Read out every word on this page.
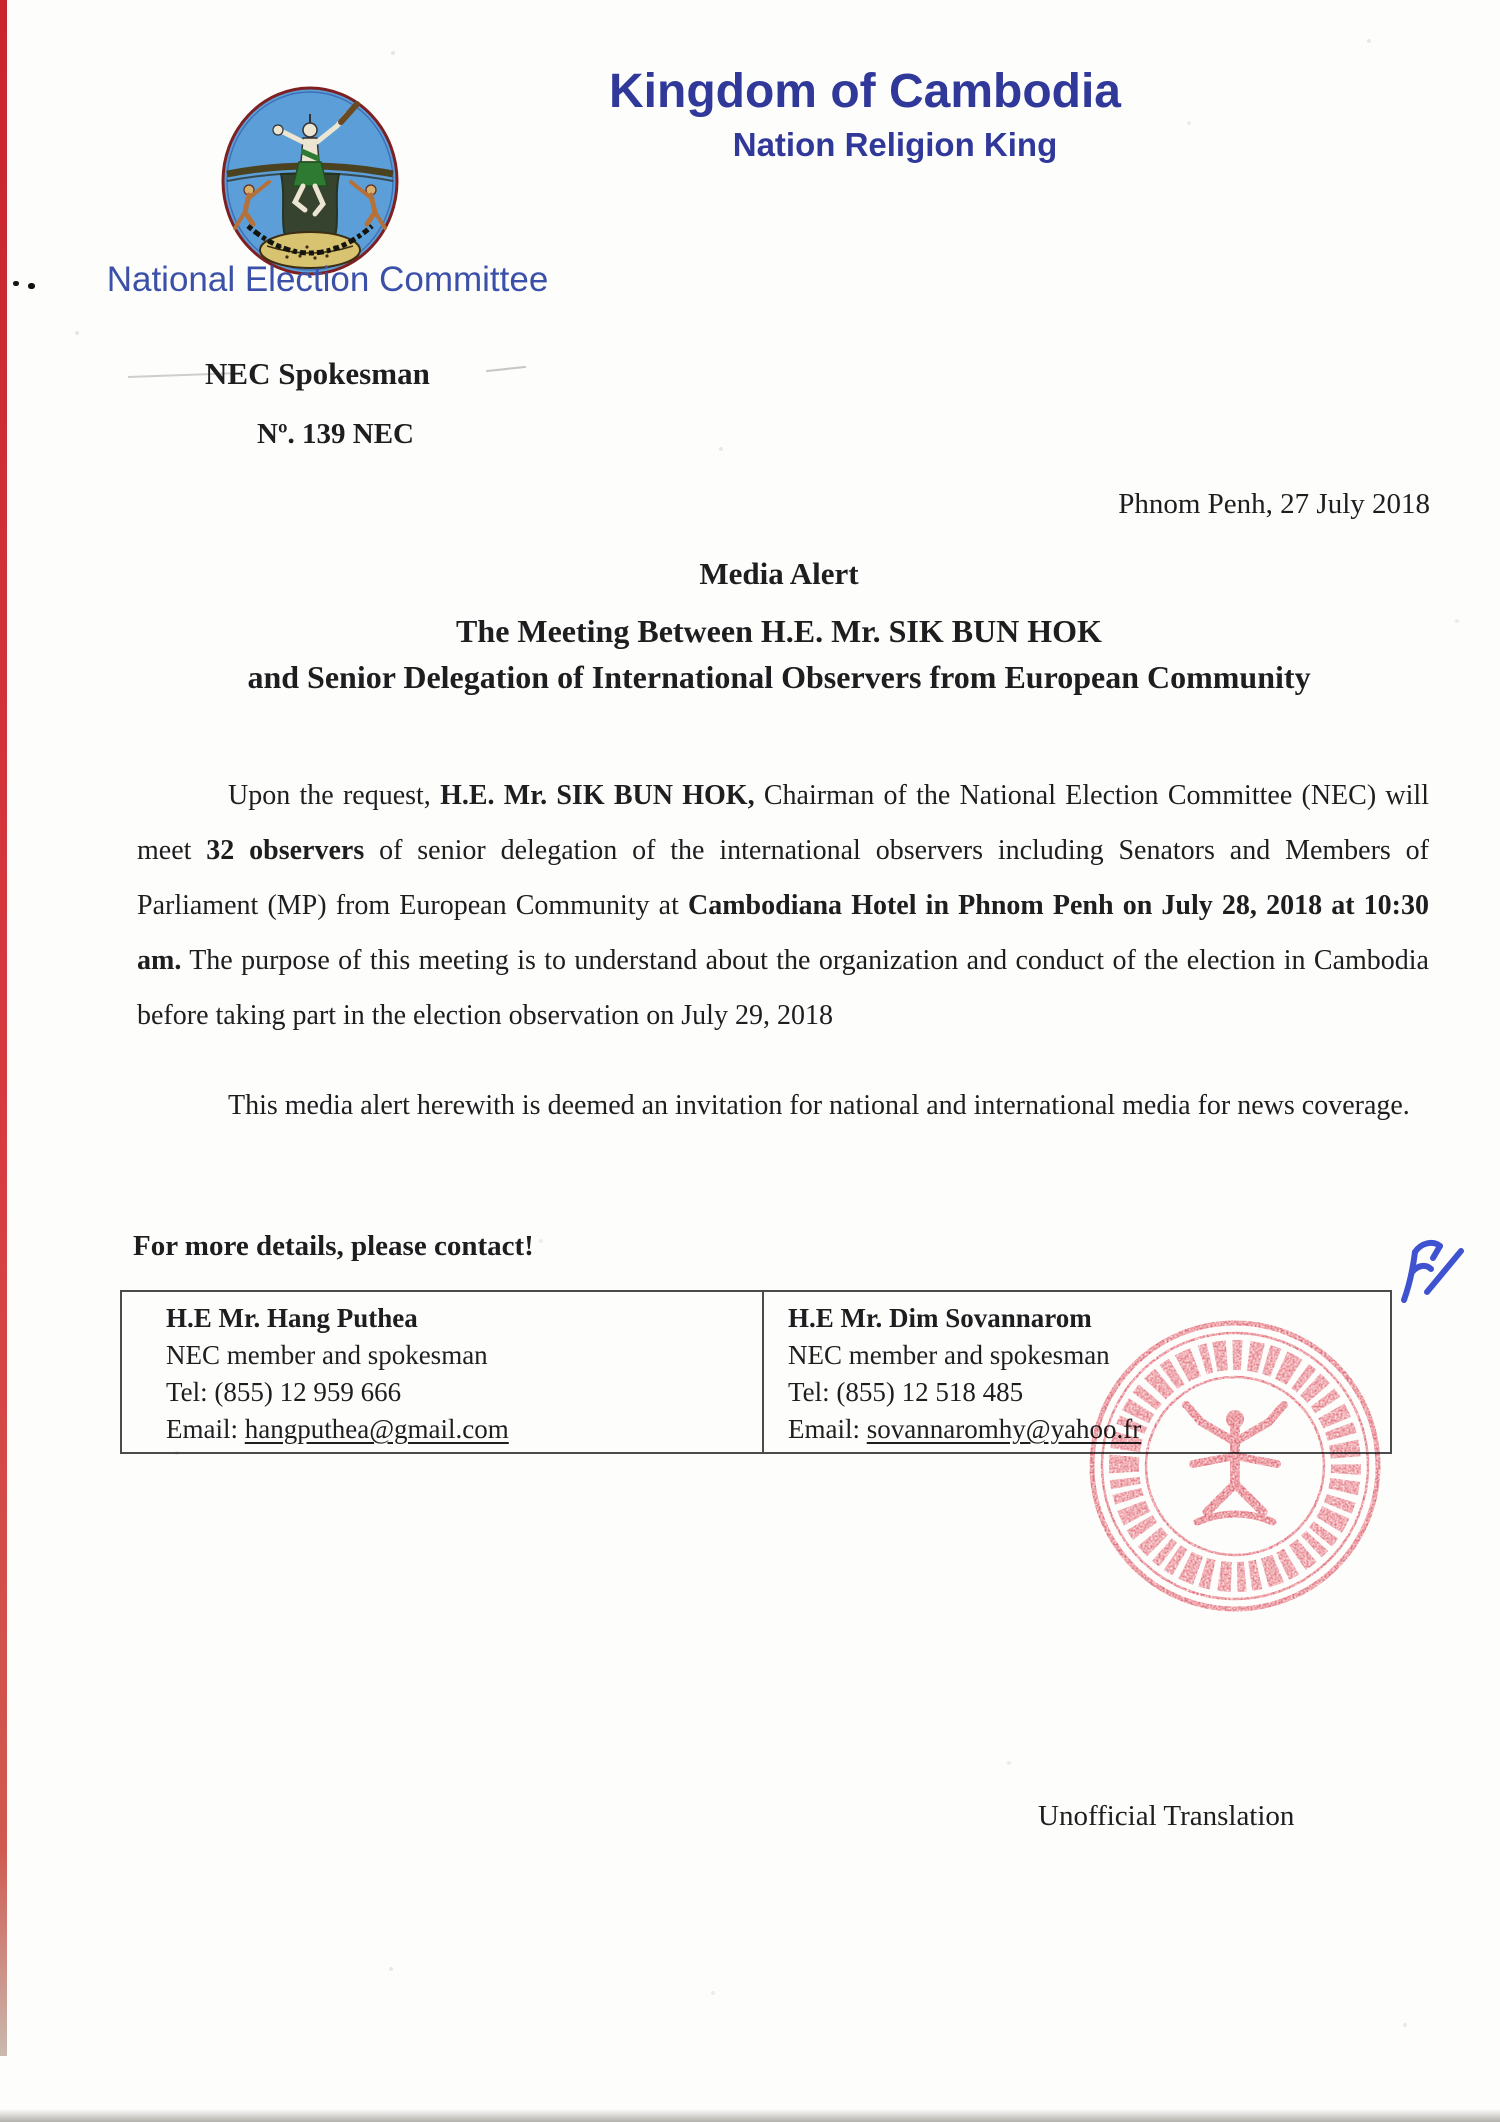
Kingdom of Cambodia
Nation Religion King
National Election Committee
NEC Spokesman
Nº. 139 NEC
Phnom Penh, 27 July 2018
Media Alert
The Meeting Between H.E. Mr. SIK BUN HOK
and Senior Delegation of International Observers from European Community
Upon the request, H.E. Mr. SIK BUN HOK, Chairman of the National Election Committee (NEC) will meet 32 observers of senior delegation of the international observers including Senators and Members of Parliament (MP) from European Community at Cambodiana Hotel in Phnom Penh on July 28, 2018 at 10:30 am. The purpose of this meeting is to understand about the organization and conduct of the election in Cambodia before taking part in the election observation on July 29, 2018
This media alert herewith is deemed an invitation for national and international media for news coverage.
For more details, please contact!
H.E Mr. Hang Puthea
NEC member and spokesman
Tel: (855) 12 959 666
Email: hangputhea@gmail.com
H.E Mr. Dim Sovannarom
NEC member and spokesman
Tel: (855) 12 518 485
Email: sovannaromhy@yahoo.fr
Unofficial Translation
